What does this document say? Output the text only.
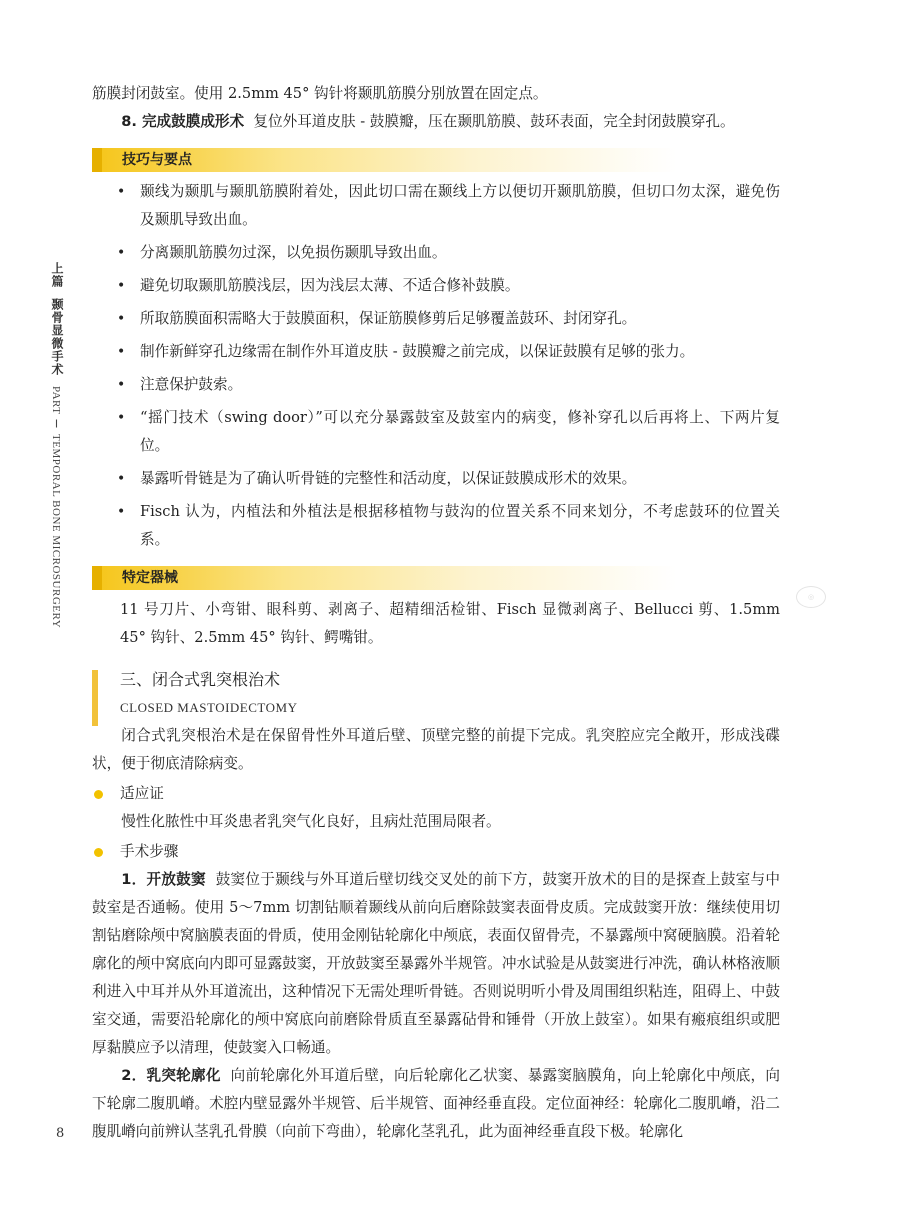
上篇
颞骨显微手术
PART Ⅰ TEMPORAL BONE MICROSURGERY

筋膜封闭鼓室。使用 2.5mm 45° 钩针将颞肌筋膜分别放置在固定点。

8. 完成鼓膜成形术 复位外耳道皮肤 - 鼓膜瓣，压在颞肌筋膜、鼓环表面，完全封闭鼓膜穿孔。

技巧与要点
• 颞线为颞肌与颞肌筋膜附着处，因此切口需在颞线上方以便切开颞肌筋膜，但切口勿太深，避免伤及颞肌导致出血。
• 分离颞肌筋膜勿过深，以免损伤颞肌导致出血。
• 避免切取颞肌筋膜浅层，因为浅层太薄、不适合修补鼓膜。
• 所取筋膜面积需略大于鼓膜面积，保证筋膜修剪后足够覆盖鼓环、封闭穿孔。
• 制作新鲜穿孔边缘需在制作外耳道皮肤 - 鼓膜瓣之前完成，以保证鼓膜有足够的张力。
• 注意保护鼓索。
• “摇门技术（swing door）”可以充分暴露鼓室及鼓室内的病变，修补穿孔以后再将上、下两片复位。
• 暴露听骨链是为了确认听骨链的完整性和活动度，以保证鼓膜成形术的效果。
• Fisch 认为，内植法和外植法是根据移植物与鼓沟的位置关系不同来划分，不考虑鼓环的位置关系。
特定器械

11 号刀片、小弯钳、眼科剪、剥离子、超精细活检钳、Fisch 显微剥离子、Bellucci 剪、1.5mm 45° 钩针、2.5mm 45° 钩针、鳄嘴钳。

三、闭合式乳突根治术
CLOSED MASTOIDECTOMY

闭合式乳突根治术是在保留骨性外耳道后壁、顶壁完整的前提下完成。乳突腔应完全敞开，形成浅碟状，便于彻底清除病变。

适应证

慢性化脓性中耳炎患者乳突气化良好，且病灶范围局限者。

手术步骤

1．开放鼓窦 鼓窦位于颞线与外耳道后壁切线交叉处的前下方，鼓窦开放术的目的是探查上鼓室与中鼓室是否通畅。使用 5～7mm 切割钻顺着颞线从前向后磨除鼓窦表面骨皮质。完成鼓窦开放：继续使用切割钻磨除颅中窝脑膜表面的骨质，使用金刚钻轮廓化中颅底，表面仅留骨壳，不暴露颅中窝硬脑膜。沿着轮廓化的颅中窝底向内即可显露鼓窦，开放鼓窦至暴露外半规管。冲水试验是从鼓窦进行冲洗，确认林格液顺利进入中耳并从外耳道流出，这种情况下无需处理听骨链。否则说明听小骨及周围组织粘连，阻碍上、中鼓室交通，需要沿轮廓化的颅中窝底向前磨除骨质直至暴露砧骨和锤骨（开放上鼓室）。如果有瘢痕组织或肥厚黏膜应予以清理，使鼓窦入口畅通。

2．乳突轮廓化 向前轮廓化外耳道后壁，向后轮廓化乙状窦、暴露窦脑膜角，向上轮廓化中颅底，向下轮廓二腹肌嵴。术腔内壁显露外半规管、后半规管、面神经垂直段。定位面神经：轮廓化二腹肌嵴，沿二腹肌嵴向前辨认茎乳孔骨膜（向前下弯曲），轮廓化茎乳孔，此为面神经垂直段下极。轮廓化

◎
8
